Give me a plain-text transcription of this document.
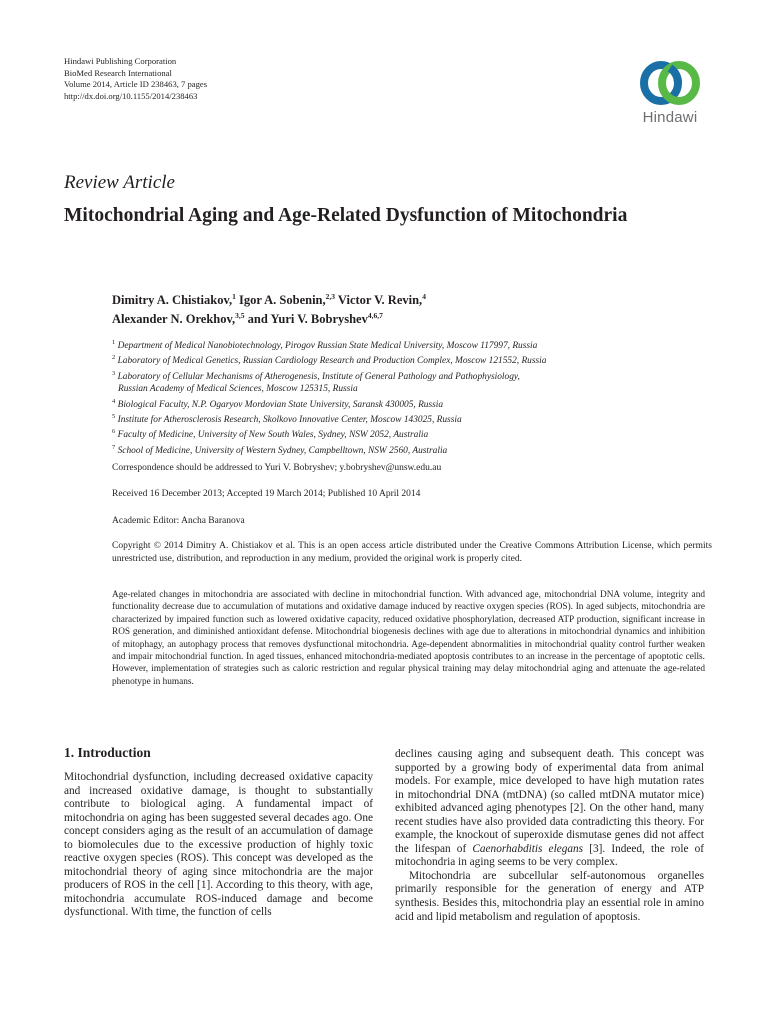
Hindawi Publishing Corporation
BioMed Research International
Volume 2014, Article ID 238463, 7 pages
http://dx.doi.org/10.1155/2014/238463
Hindawi
Review Article
Mitochondrial Aging and Age-Related Dysfunction of Mitochondria
Dimitry A. Chistiakov,$^1$ Igor A. Sobenin,$^{2,3}$ Victor V. Revin,$^4$
Alexander N. Orekhov,$^{3,5}$ and Yuri V. Bobryshev$^{4,6,7}$
$^1$ Department of Medical Nanobiotechnology, Pirogov Russian State Medical University, Moscow 117997, Russia
$^2$ Laboratory of Medical Genetics, Russian Cardiology Research and Production Complex, Moscow 121552, Russia
$^3$ Laboratory of Cellular Mechanisms of Atherogenesis, Institute of General Pathology and Pathophysiology,
Russian Academy of Medical Sciences, Moscow 125315, Russia
$^4$ Biological Faculty, N.P. Ogaryov Mordovian State University, Saransk 430005, Russia
$^5$ Institute for Atherosclerosis Research, Skolkovo Innovative Center, Moscow 143025, Russia
$^6$ Faculty of Medicine, University of New South Wales, Sydney, NSW 2052, Australia
$^7$ School of Medicine, University of Western Sydney, Campbelltown, NSW 2560, Australia
Correspondence should be addressed to Yuri V. Bobryshev; y.bobryshev@unsw.edu.au
Received 16 December 2013; Accepted 19 March 2014; Published 10 April 2014
Academic Editor: Ancha Baranova
Copyright © 2014 Dimitry A. Chistiakov et al. This is an open access article distributed under the Creative Commons Attribution License, which permits unrestricted use, distribution, and reproduction in any medium, provided the original work is properly cited.
Age-related changes in mitochondria are associated with decline in mitochondrial function. With advanced age, mitochondrial DNA volume, integrity and functionality decrease due to accumulation of mutations and oxidative damage induced by reactive oxygen species (ROS). In aged subjects, mitochondria are characterized by impaired function such as lowered oxidative capacity, reduced oxidative phosphorylation, decreased ATP production, significant increase in ROS generation, and diminished antioxidant defense. Mitochondrial biogenesis declines with age due to alterations in mitochondrial dynamics and inhibition of mitophagy, an autophagy process that removes dysfunctional mitochondria. Age-dependent abnormalities in mitochondrial quality control further weaken and impair mitochondrial function. In aged tissues, enhanced mitochondria-mediated apoptosis contributes to an increase in the percentage of apoptotic cells. However, implementation of strategies such as caloric restriction and regular physical training may delay mitochondrial aging and attenuate the age-related phenotype in humans.
1. Introduction

Mitochondrial dysfunction, including decreased oxidative capacity and increased oxidative damage, is thought to substantially contribute to biological aging. A fundamental impact of mitochondria on aging has been suggested several decades ago. One concept considers aging as the result of an accumulation of damage to biomolecules due to the excessive production of highly toxic reactive oxygen species (ROS). This concept was developed as the mitochondrial theory of aging since mitochondria are the major producers of ROS in the cell [1]. According to this theory, with age, mitochondria accumulate ROS-induced damage and become dysfunctional. With time, the function of cells

declines causing aging and subsequent death. This concept was supported by a growing body of experimental data from animal models. For example, mice developed to have high mutation rates in mitochondrial DNA (mtDNA) (so called mtDNA mutator mice) exhibited advanced aging phenotypes [2]. On the other hand, many recent studies have also provided data contradicting this theory. For example, the knockout of superoxide dismutase genes did not affect the lifespan of Caenorhabditis elegans [3]. Indeed, the role of mitochondria in aging seems to be very complex.

Mitochondria are subcellular self-autonomous organelles primarily responsible for the generation of energy and ATP synthesis. Besides this, mitochondria play an essential role in amino acid and lipid metabolism and regulation of apoptosis.
